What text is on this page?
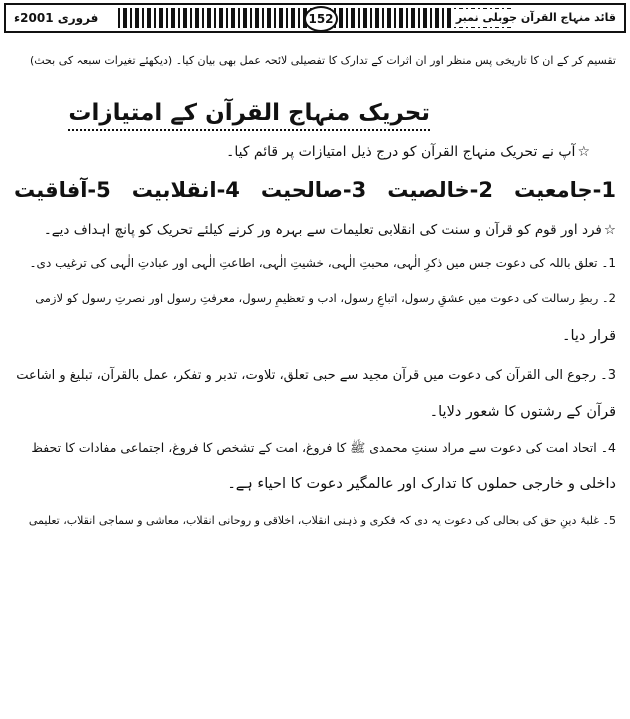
فروری 2001ء	قائد منہاج القرآن جوبلی نمبر
152
تقسیم کر کے ان کا تاریخی پس منظر اور ان اثرات کے تدارک کا تفصیلی لائحہ عمل بھی بیان کیا۔ (دیکھئے تغیرات سبعہ کی بحث)
تحریک منہاج القرآن کے امتیازات
☆آپ نے تحریک منہاج القرآن کو درج ذیل امتیازات پر قائم کیا۔
1-جامعیت
2-خالصیت
3-صالحیت
4-انقلابیت
5-آفاقیت
☆فرد اور قوم کو قرآن و سنت کی انقلابی تعلیمات سے بہرہ ور کرنے کیلئے تحریک کو پانچ اہداف دیے۔
1۔ تعلق باللہ کی دعوت جس میں ذکرِ الٰہی، محبتِ الٰہی، خشیتِ الٰہی، اطاعتِ الٰہی اور عبادتِ الٰہی کی ترغیب دی۔
2۔ ربطِ رسالت کی دعوت میں عشقِ رسول، اتباعِ رسول، ادب و تعظیمِ رسول، معرفتِ رسول اور نصرتِ رسول کو لازمی
قرار دیا۔
3۔ رجوع الی القرآن کی دعوت میں قرآن مجید سے حبی تعلق، تلاوت، تدبر و تفکر، عمل بالقرآن، تبلیغ و اشاعت
قرآن کے رشتوں کا شعور دلایا۔
4۔ اتحاد امت کی دعوت سے مراد سنتِ محمدی ﷺ کا فروغ، امت کے تشخص کا فروغ، اجتماعی مفادات کا تحفظ
داخلی و خارجی حملوں کا تدارک اور عالمگیر دعوت کا احیاء ہے۔
5۔ غلبۂ دینِ حق کی بحالی کی دعوت یہ دی کہ فکری و ذہنی انقلاب، اخلاقی و روحانی انقلاب، معاشی و سماجی انقلاب، تعلیمی
